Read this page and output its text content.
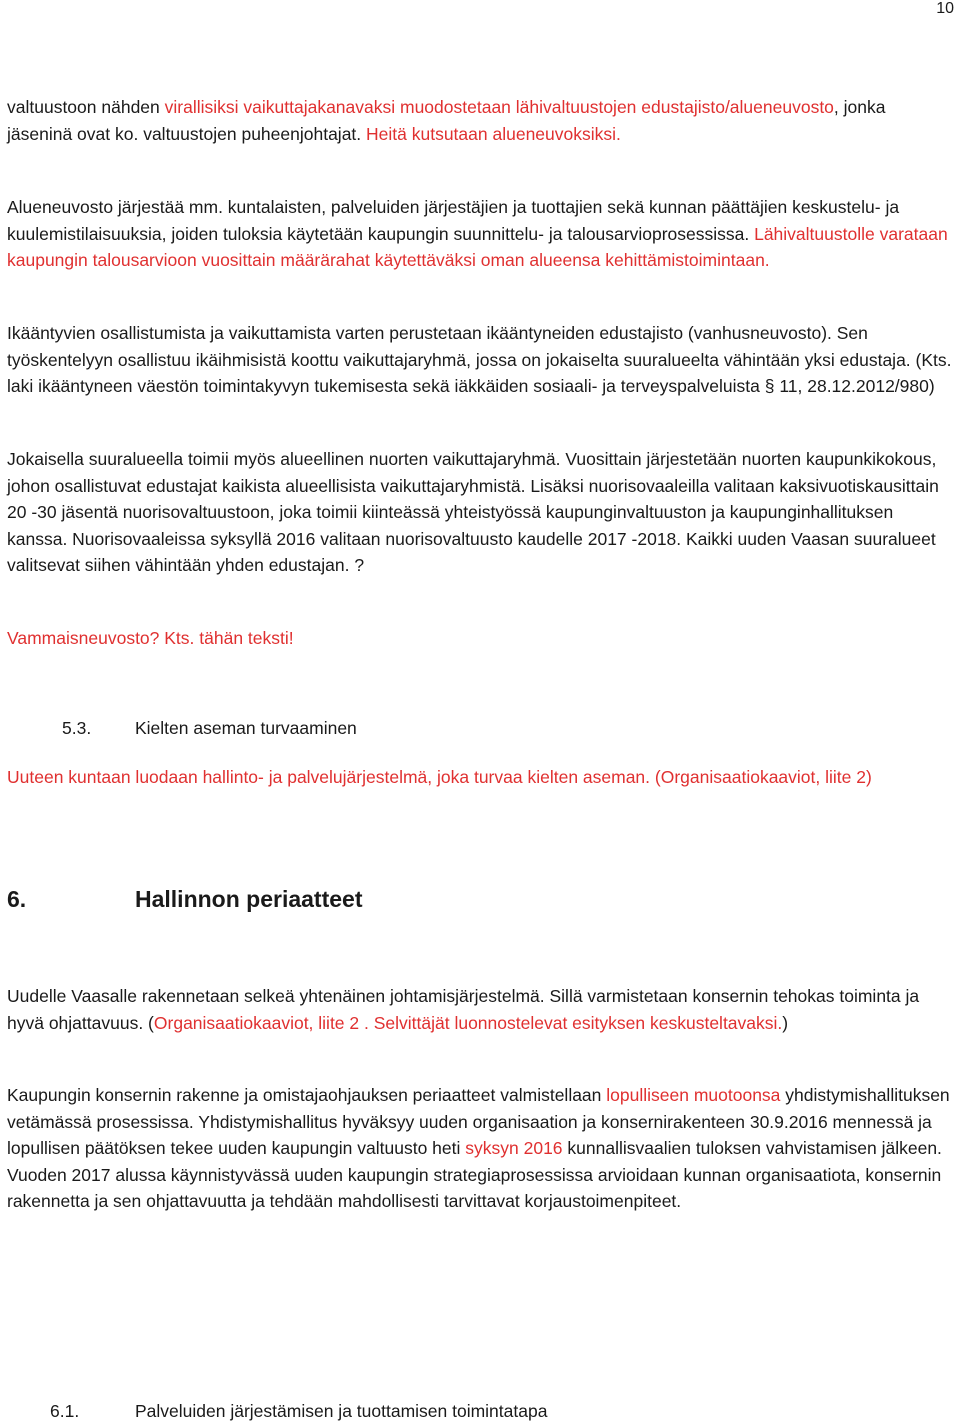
10
valtuustoon nähden virallisiksi vaikuttajakanavaksi muodostetaan lähivaltuustojen edustajisto/alueneuvosto, jonka jäseninä ovat ko. valtuustojen puheenjohtajat. Heitä kutsutaan alueneuvoksiksi.
Alueneuvosto järjestää mm. kuntalaisten, palveluiden järjestäjien ja tuottajien sekä kunnan päättäjien keskustelu- ja kuulemistilaisuuksia, joiden tuloksia käytetään kaupungin suunnittelu- ja talousarvioprosessissa. Lähivaltuustolle varataan kaupungin talousarvioon vuosittain määrärahat käytettäväksi oman alueensa kehittämistoimintaan.
Ikääntyvien osallistumista ja vaikuttamista varten perustetaan ikääntyneiden edustajisto (vanhusneuvosto). Sen työskentelyyn osallistuu ikäihmisistä koottu vaikuttajaryhmä, jossa on jokaiselta suuralueelta vähintään yksi edustaja. (Kts. laki ikääntyneen väestön toimintakyvyn tukemisesta sekä iäkkäiden sosiaali- ja terveyspalveluista § 11, 28.12.2012/980)
Jokaisella suuralueella toimii myös alueellinen nuorten vaikuttajaryhmä. Vuosittain järjestetään nuorten kaupunkikokous, johon osallistuvat edustajat kaikista alueellisista vaikuttajaryhmistä. Lisäksi nuorisovaaleilla valitaan kaksivuotiskausittain 20 -30 jäsentä nuorisovaltuustoon, joka toimii kiinteässä yhteistyössä kaupunginvaltuuston ja kaupunginhallituksen kanssa. Nuorisovaaleissa syksyllä 2016 valitaan nuorisovaltuusto kaudelle 2017 -2018. Kaikki uuden Vaasan suuralueet valitsevat siihen vähintään yhden edustajan. ?
Vammaisneuvosto? Kts. tähän teksti!
5.3.	Kielten aseman turvaaminen
Uuteen kuntaan luodaan hallinto- ja palvelujärjestelmä, joka turvaa kielten aseman. (Organisaatiokaaviot, liite 2)
6.	Hallinnon periaatteet
Uudelle Vaasalle rakennetaan selkeä yhtenäinen johtamisjärjestelmä. Sillä varmistetaan konsernin tehokas toiminta ja hyvä ohjattavuus. (Organisaatiokaaviot, liite 2 . Selvittäjät luonnostelevat esityksen keskusteltavaksi.)
Kaupungin konsernin rakenne ja omistajaohjauksen periaatteet valmistellaan lopulliseen muotoonsa yhdistymishallituksen vetämässä prosessissa. Yhdistymishallitus hyväksyy uuden organisaation ja konsernirakenteen 30.9.2016 mennessä ja lopullisen päätöksen tekee uuden kaupungin valtuusto heti syksyn 2016 kunnallisvaalien tuloksen vahvistamisen jälkeen. Vuoden 2017 alussa käynnistyvässä uuden kaupungin strategiaprosessissa arvioidaan kunnan organisaatiota, konsernin rakennetta ja sen ohjattavuutta ja tehdään mahdollisesti tarvittavat korjaustoimenpiteet.
6.1.	Palveluiden järjestämisen ja tuottamisen toimintatapa
